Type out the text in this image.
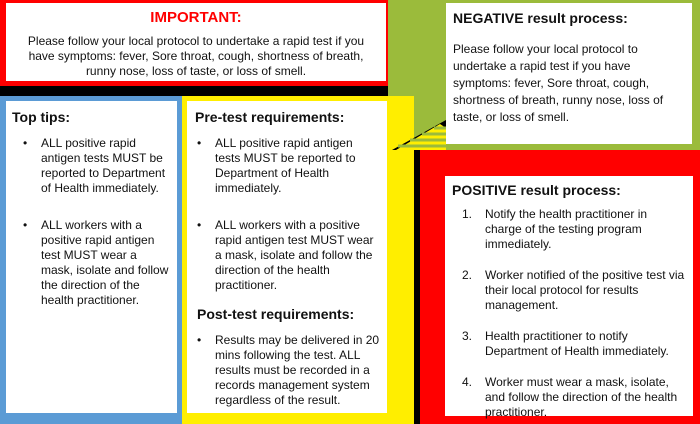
IMPORTANT:
Please follow your local protocol to undertake a rapid test if you have symptoms: fever, Sore throat, cough, shortness of breath, runny nose, loss of taste, or loss of smell.
NEGATIVE result process:
Please follow your local protocol to undertake a rapid test if you have symptoms: fever, Sore throat, cough, shortness of breath, runny nose, loss of taste, or loss of smell.
Top tips:
• ALL positive rapid antigen tests MUST be reported to Department of Health immediately.
• ALL workers with a positive rapid antigen test MUST wear a mask, isolate and follow the direction of the health practitioner.
Pre-test requirements:
• ALL positive rapid antigen tests MUST be reported to Department of Health immediately.
• ALL workers with a positive rapid antigen test MUST wear a mask, isolate and follow the direction of the health practitioner.
Post-test requirements:
• Results may be delivered in 20 mins following the test. ALL results must be recorded in a records management system regardless of the result.
POSITIVE result process:
1. Notify the health practitioner in charge of the testing program immediately.
2. Worker notified of the positive test via their local protocol for results management.
3. Health practitioner to notify Department of Health immediately.
4. Worker must wear a mask, isolate, and follow the direction of the health practitioner.
